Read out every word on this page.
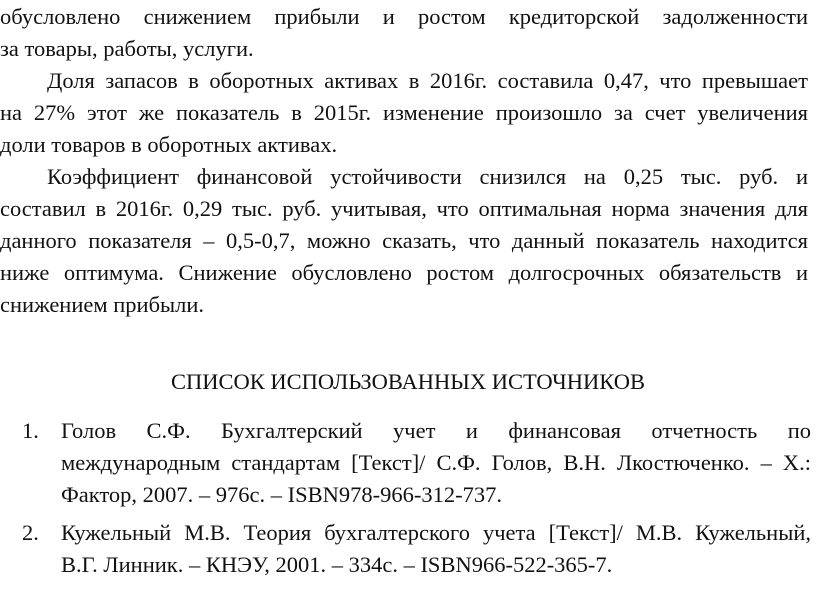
обусловлено снижением прибыли и ростом кредиторской задолженности
за товары, работы, услуги.
Доля запасов в оборотных активах в 2016г. составила 0,47, что превышает
на 27% этот же показатель в 2015г. изменение произошло за счет увеличения
доли товаров в оборотных активах.
Коэффициент финансовой устойчивости снизился на 0,25 тыс. руб. и
составил в 2016г. 0,29 тыс. руб. учитывая, что оптимальная норма значения для
данного показателя – 0,5-0,7, можно сказать, что данный показатель находится
ниже оптимума. Снижение обусловлено ростом долгосрочных обязательств и
снижением прибыли.
СПИСОК ИСПОЛЬЗОВАННЫХ ИСТОЧНИКОВ
1. Голов С.Ф. Бухгалтерский учет и финансовая отчетность по
международным стандартам [Текст]/ С.Ф. Голов, В.Н. Лкостюченко. – Х.:
Фактор, 2007. – 976с. – ISBN978-966-312-737.
2. Кужельный М.В. Теория бухгалтерского учета [Текст]/ М.В. Кужельный,
В.Г. Линник. – КНЭУ, 2001. – 334с. – ISBN966-522-365-7.
